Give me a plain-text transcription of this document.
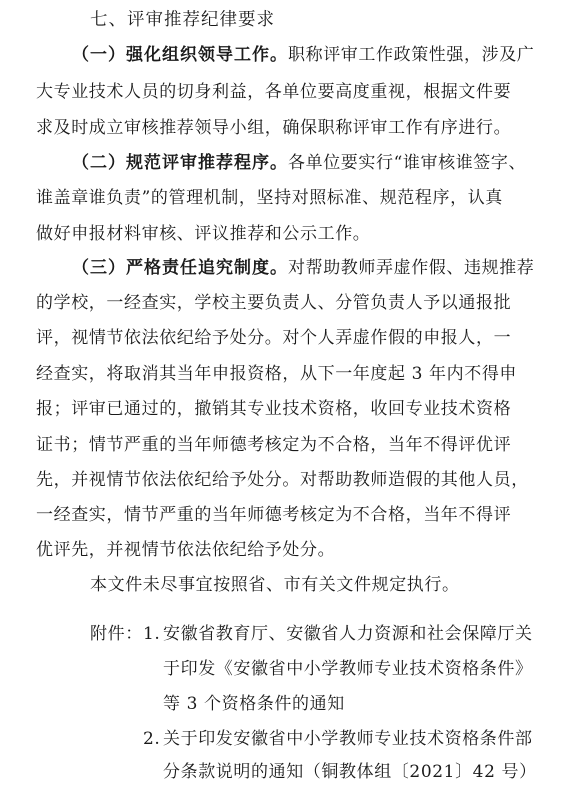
七、评审推荐纪律要求
（一）强化组织领导工作。职称评审工作政策性强，涉及广
大专业技术人员的切身利益，各单位要高度重视，根据文件要
求及时成立审核推荐领导小组，确保职称评审工作有序进行。
（二）规范评审推荐程序。各单位要实行“谁审核谁签字、
谁盖章谁负责”的管理机制，坚持对照标准、规范程序，认真
做好申报材料审核、评议推荐和公示工作。
（三）严格责任追究制度。对帮助教师弄虚作假、违规推荐
的学校，一经查实，学校主要负责人、分管负责人予以通报批
评，视情节依法依纪给予处分。对个人弄虚作假的申报人，一
经查实，将取消其当年申报资格，从下一年度起 3 年内不得申
报；评审已通过的，撤销其专业技术资格，收回专业技术资格
证书；情节严重的当年师德考核定为不合格，当年不得评优评
先，并视情节依法依纪给予处分。对帮助教师造假的其他人员，
一经查实，情节严重的当年师德考核定为不合格，当年不得评
优评先，并视情节依法依纪给予处分。
本文件未尽事宜按照省、市有关文件规定执行。
附件： 1. 安徽省教育厅、安徽省人力资源和社会保障厅关
于印发《安徽省中小学教师专业技术资格条件》
等 3 个资格条件的通知
2. 关于印发安徽省中小学教师专业技术资格条件部
分条款说明的通知（铜教体组〔2021〕42 号）
